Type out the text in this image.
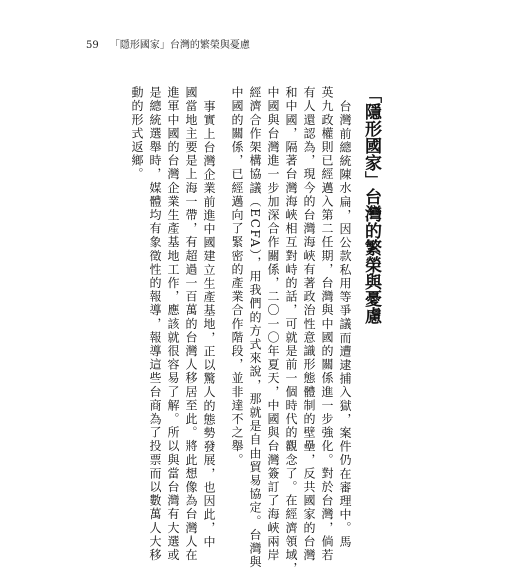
59 「隱形國家」台灣的繁榮與憂慮
「隱形國家」台灣的繁榮與憂慮
台灣前總統陳水扁，因公款私用等爭議而遭逮捕入獄，案件仍在審理中。馬
英九政權則已經邁入第二任期，台灣與中國的關係進一步強化。對於台灣，倘若
有人還認為，現今的台灣海峽有著政治性意識形態體制的壁壘，反共國家的台灣
和中國，隔著台灣海峽相互對峙的話，可就是前一個時代的觀念了。在經濟領域，
中國與台灣進一步加深合作關係，二〇一〇年夏天，中國與台灣簽訂了海峽兩岸
經濟合作架構協議（ECFA），用我們的方式來說，那就是自由貿易協定。台灣與
中國的關係，已經邁向了緊密的產業合作階段，並非達不之舉。
事實上台灣企業前進中國建立生產基地，正以驚人的態勢發展，也因此，中
國當地主要是上海一帶，有超過一百萬的台灣人移居至此。將此想像為台灣人在
進軍中國的台灣企業生產基地工作，應該就很容易了解。所以與當台灣有大選或
是總統選舉時，媒體均有象徵性的報導，報導這些台商為了投票而以數萬人大移
動的形式返鄉。
